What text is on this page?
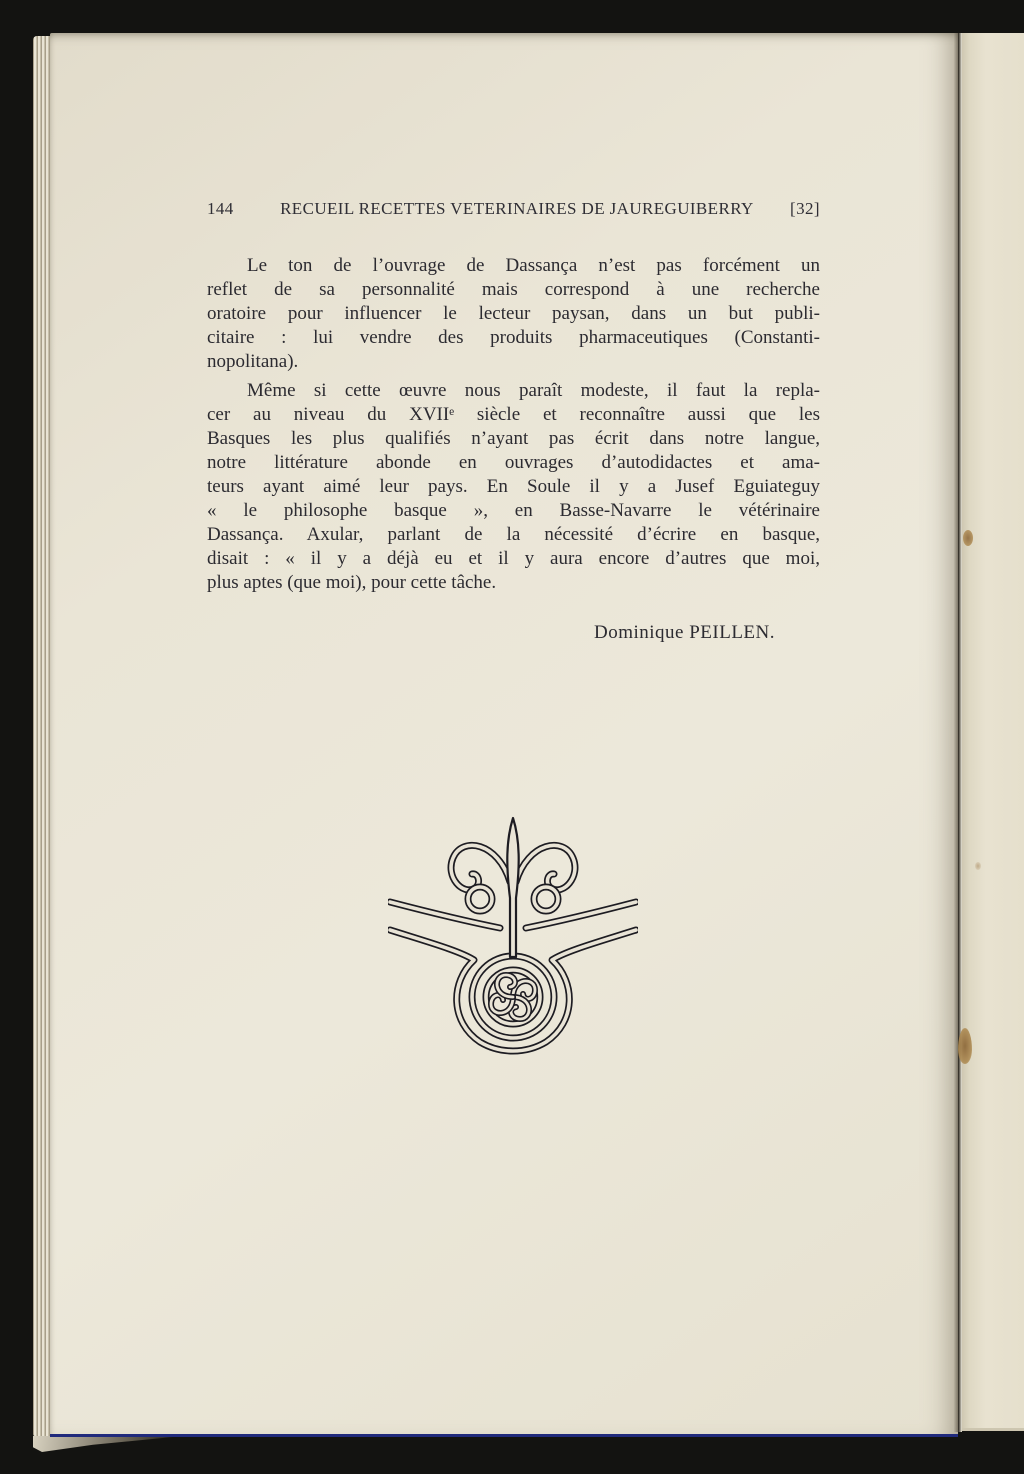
144	RECUEIL RECETTES VETERINAIRES DE JAUREGUIBERRY [32]
Le ton de l’ouvrage de Dassança n’est pas forcément un
reflet de sa personnalité mais correspond à une recherche
oratoire pour influencer le lecteur paysan, dans un but publi-
citaire : lui vendre des produits pharmaceutiques (Constanti-
nopolitana).
Même si cette œuvre nous paraît modeste, il faut la repla-
cer au niveau du XVIIᵉ siècle et reconnaître aussi que les
Basques les plus qualifiés n’ayant pas écrit dans notre langue,
notre littérature abonde en ouvrages d’autodidactes et ama-
teurs ayant aimé leur pays. En Soule il y a Jusef Eguiateguy
« le philosophe basque », en Basse-Navarre le vétérinaire
Dassança. Axular, parlant de la nécessité d’écrire en basque,
disait : « il y a déjà eu et il y aura encore d’autres que moi,
plus aptes (que moi), pour cette tâche.
Dominique PEILLEN.
